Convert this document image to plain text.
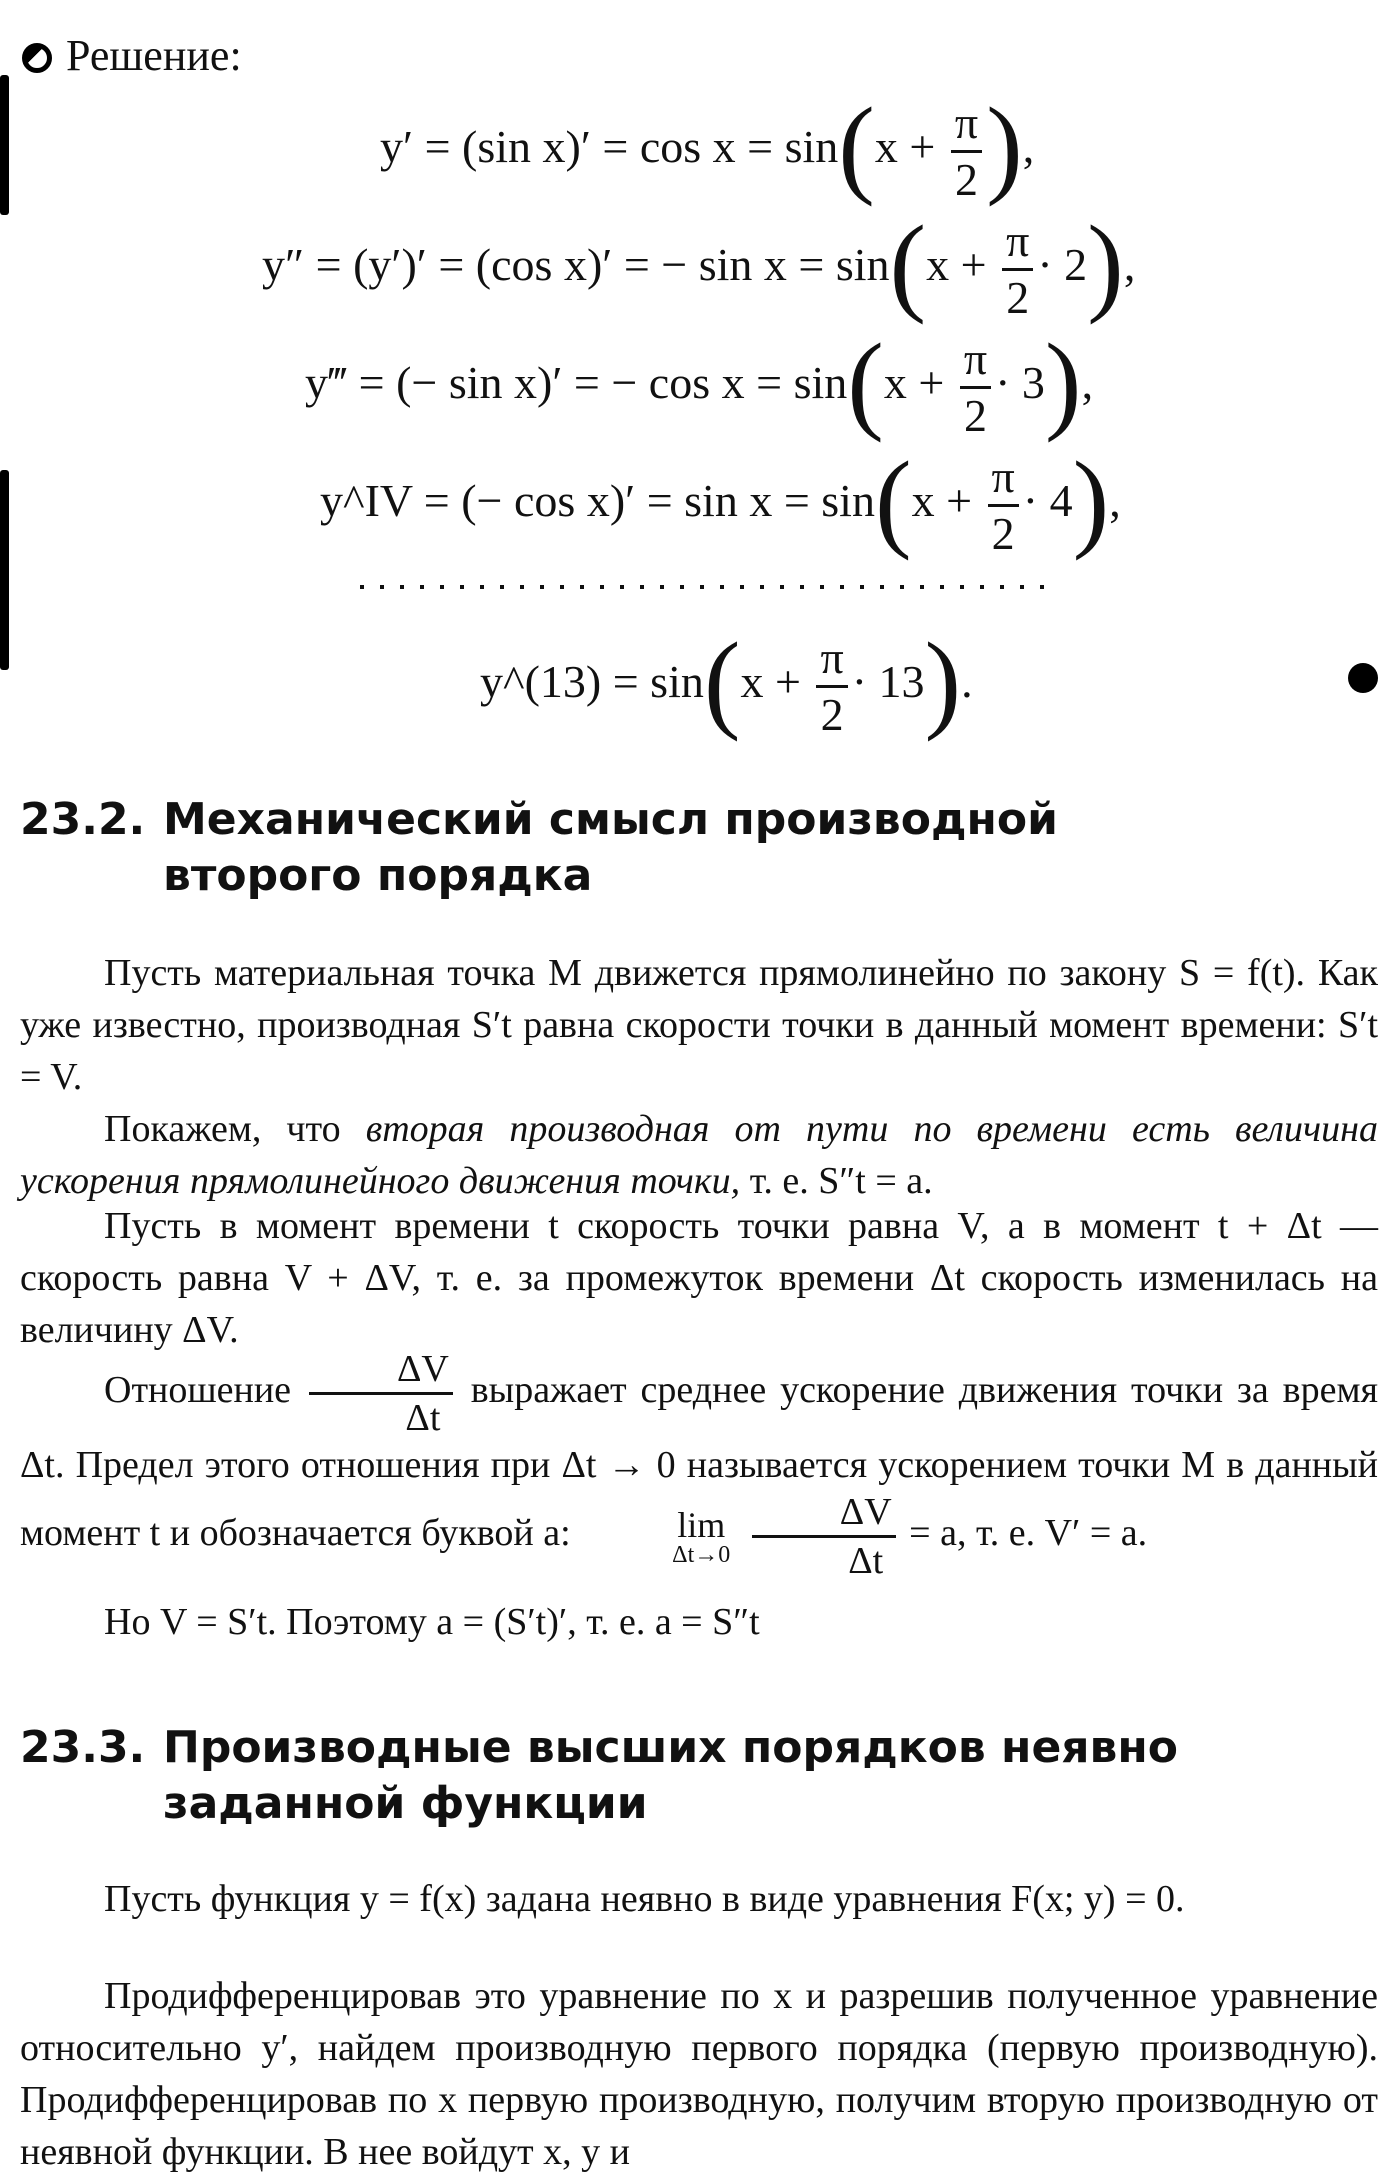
Решение:
y′ = (sin $x)' = \cos x = \sin(x + \frac{\pi}{2}$ ),
y″ = (y′)′ = (cos x)′ = − $\sin x = \sin(x + \frac{\pi}{2} \cdot 2)$,
y‴ = (− sin x)′ = − $\cos x = \sin(x + \frac{\pi}{2} \cdot 3)$,
y^IV = (− $\cos x)' = \sin x = \sin(x + \frac{\pi}{2} \cdot 4)$,
y^(13) = $\sin(x + \frac{\pi}{2} \cdot 13)$.
23.2. Механический смысл производной второго порядка
Пусть материальная точка M движется прямолинейно по закону S = f(t). Как уже известно, производная S′t равна скорости точки в данный момент времени: S′t = V.
Покажем, что вторая производная от пути по времени есть величина ускорения прямолинейного движения точки, т. е. S″t = a.
Пусть в момент времени t скорость точки равна V, а в момент t + Δt — скорость равна V + ΔV, т. е. за промежуток времени Δt скорость изменилась на величину ΔV.
Отношение $\frac{\Delta V}{\Delta t}$ выражает среднее ускорение движения точки за время Δt. Предел этого отношения при Δt → 0 называется ускорением точки M в данный момент t и обозначается буквой a:	lim
Δt→0
$\frac{\Delta V}{\Delta t} = a$, т. е. V′ = a.
Но V = S′t. Поэтому a = (S′t)′, т. е. a = S″t
23.3. Производные высших порядков неявно заданной функции
Пусть функция y = f(x) задана неявно в виде уравнения F(x; y) = 0.
Продифференцировав это уравнение по x и разрешив полученное уравнение относительно y′, найдем производную первого порядка (первую производную). Продифференцировав по x первую производную, получим вторую производную от неявной функции. В нее войдут x, y и
